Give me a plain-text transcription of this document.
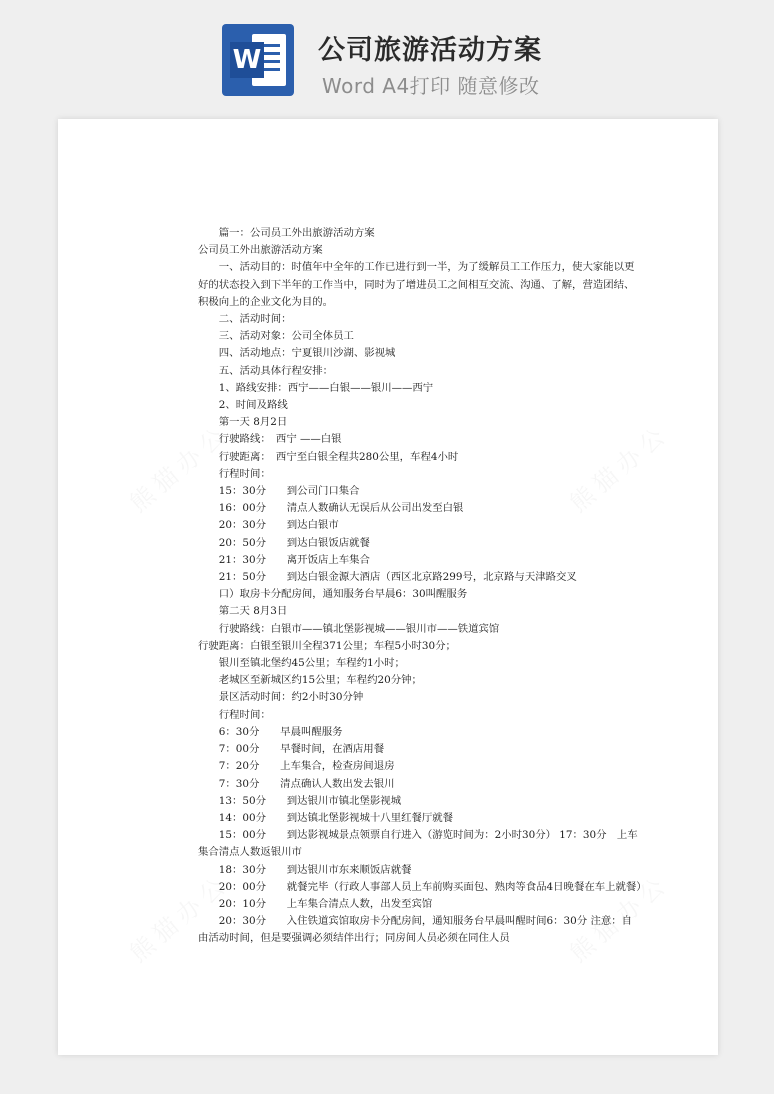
W 公司旅游活动方案
Word A4打印 随意修改

　　篇一：公司员工外出旅游活动方案

公司员工外出旅游活动方案

　　一、活动目的：时值年中全年的工作已进行到一半，为了缓解员工工作压力，使大家能以更好的状态投入到下半年的工作当中，同时为了增进员工之间相互交流、沟通、了解，营造团结、积极向上的企业文化为目的。

　　二、活动时间：

　　三、活动对象：公司全体员工

　　四、活动地点：宁夏银川沙湖、影视城

　　五、活动具体行程安排：

　　1、路线安排：西宁——白银——银川——西宁

　　2、时间及路线

　　第一天 8月2日

　　行驶路线：　西宁 ——白银

　　行驶距离：　西宁至白银全程共280公里，车程4小时

　　行程时间：

　　15：30分　　到公司门口集合

　　16：00分　　清点人数确认无误后从公司出发至白银

　　20：30分　　到达白银市

　　20：50分　　到达白银饭店就餐

　　21：30分　　离开饭店上车集合

　　21：50分　　到达白银金源大酒店（西区北京路299号，北京路与天津路交叉

　　口）取房卡分配房间，通知服务台早晨6：30叫醒服务

　　第二天 8月3日

　　行驶路线：白银市——镇北堡影视城——银川市——铁道宾馆

行驶距离：白银至银川全程371公里；车程5小时30分；

　　银川至镇北堡约45公里；车程约1小时；

　　老城区至新城区约15公里；车程约20分钟；

　　景区活动时间：约2小时30分钟

　　行程时间：

　　6：30分　　早晨叫醒服务

　　7：00分　　早餐时间，在酒店用餐

　　7：20分　　上车集合，检查房间退房

　　7：30分　　清点确认人数出发去银川

　　13：50分　　到达银川市镇北堡影视城

　　14：00分　　到达镇北堡影视城十八里红餐厅就餐

　　15：00分　　到达影视城景点领票自行进入（游览时间为：2小时30分） 17：30分　上车集合清点人数返银川市

　　18：30分　　到达银川市东来顺饭店就餐

　　20：00分　　就餐完毕（行政人事部人员上车前购买面包、熟肉等食品4日晚餐在车上就餐）

　　20：10分　　上车集合清点人数，出发至宾馆

　　20：30分　　入住铁道宾馆取房卡分配房间，通知服务台早晨叫醒时间6：30分 注意：自由活动时间，但是要强调必须结伴出行；同房间人员必须在同住人员
